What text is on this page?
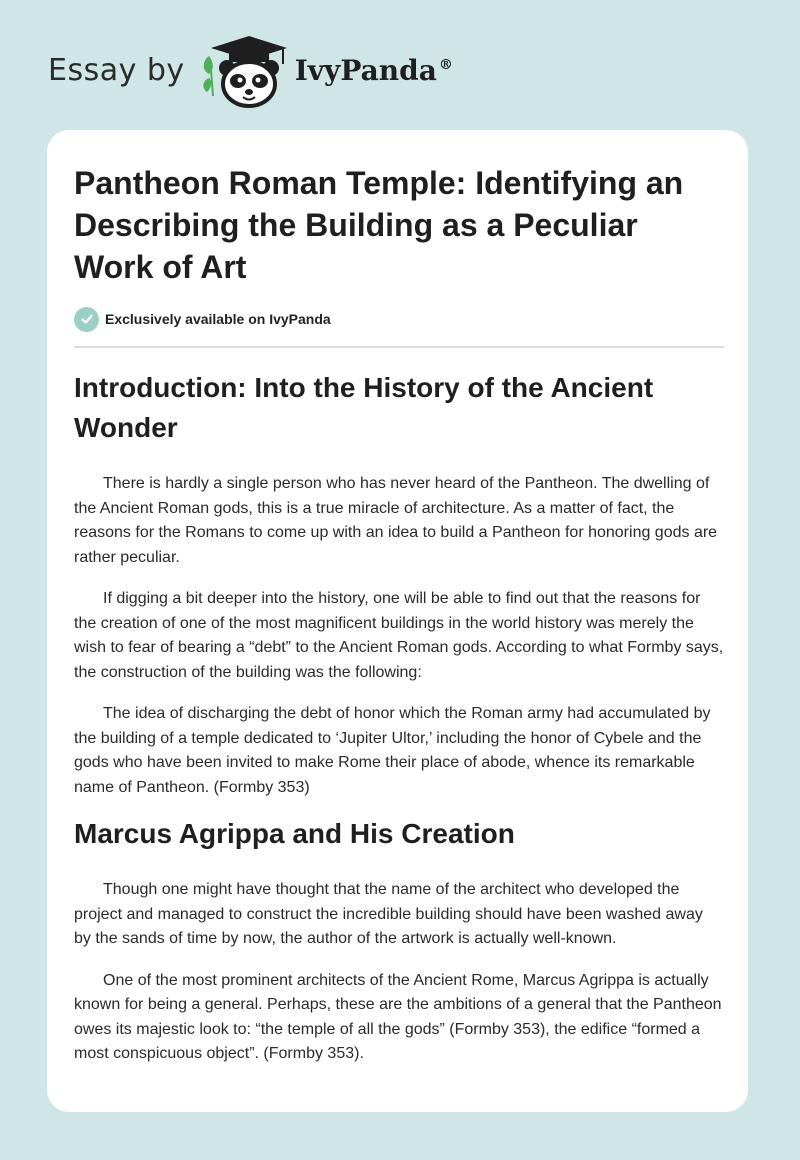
Essay by	IvyPanda ®
Pantheon Roman Temple: Identifying an Describing the Building as a Peculiar Work of Art
Exclusively available on IvyPanda
Introduction: Into the History of the Ancient Wonder

There is hardly a single person who has never heard of the Pantheon. The dwelling of the Ancient Roman gods, this is a true miracle of architecture. As a matter of fact, the reasons for the Romans to come up with an idea to build a Pantheon for honoring gods are rather peculiar.

If digging a bit deeper into the history, one will be able to find out that the reasons for the creation of one of the most magnificent buildings in the world history was merely the wish to fear of bearing a “debt” to the Ancient Roman gods. According to what Formby says, the construction of the building was the following:

The idea of discharging the debt of honor which the Roman army had accumulated by the building of a temple dedicated to ‘Jupiter Ultor,’ including the honor of Cybele and the gods who have been invited to make Rome their place of abode, whence its remarkable name of Pantheon. (Formby 353)

Marcus Agrippa and His Creation

Though one might have thought that the name of the architect who developed the project and managed to construct the incredible building should have been washed away by the sands of time by now, the author of the artwork is actually well-known.

One of the most prominent architects of the Ancient Rome, Marcus Agrippa is actually known for being a general. Perhaps, these are the ambitions of a general that the Pantheon owes its majestic look to: “the temple of all the gods” (Formby 353), the edifice “formed a most conspicuous object”. (Formby 353).
